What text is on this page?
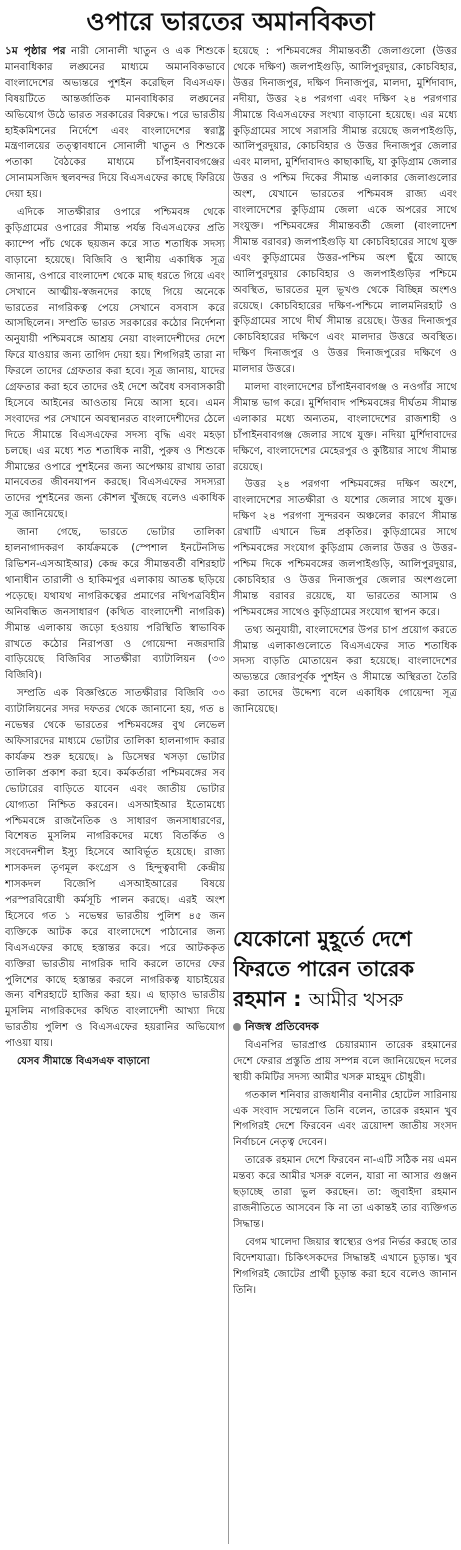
ওপারে ভারতের অমানবিকতা

১ম পৃষ্ঠার পর নারী সোনালী খাতুন ও এক শিশুকে মানবাধিকার লঙ্ঘনের মাধ্যমে অমানবিকভাবে বাংলাদেশের অভ্যন্তরে পুশইন করেছিল বিএসএফ। বিষয়টিতে আন্তর্জাতিক মানবাধিকার লঙ্ঘনের অভিযোগ উঠে ভারত সরকারের বিরুদ্ধে। পরে ভারতীয় হাইকমিশনের নির্দেশে এবং বাংলাদেশের স্বরাষ্ট্র মন্ত্রণালয়ের তত্ত্বাবধানে সোনালী খাতুন ও শিশুকে পতাকা বৈঠকের মাধ্যমে চাঁপাইনবাবগঞ্জের সোনামসজিদ স্থলবন্দর দিয়ে বিএসএফের কাছে ফিরিয়ে দেয়া হয়।

এদিকে সাতক্ষীরার ওপারে পশ্চিমবঙ্গ থেকে কুড়িগ্রামের ওপারের সীমান্ত পর্যন্ত বিএসএফের প্রতি ক্যাম্পে পাঁচ থেকে ছয়জন করে সাত শতাধিক সদস্য বাড়ানো হয়েছে। বিজিবি ও স্থানীয় একাধিক সূত্র জানায়, ওপারে বাংলাদেশ থেকে মাছ ধরতে গিয়ে এবং সেখানে আত্মীয়-স্বজনদের কাছে গিয়ে অনেকে ভারতের নাগরিকত্ব পেয়ে সেখানে বসবাস করে আসছিলেন। সম্প্রতি ভারত সরকারের কঠোর নির্দেশনা অনুযায়ী পশ্চিমবঙ্গে আশ্রয় নেয়া বাংলাদেশীদের দেশে ফিরে যাওয়ার জন্য তাগিদ দেয়া হয়। শিগগিরই তারা না ফিরলে তাদের গ্রেফতার করা হবে। সূত্র জানায়, যাদের গ্রেফতার করা হবে তাদের ওই দেশে অবৈধ বসবাসকারী হিসেবে আইনের আওতায় নিয়ে আসা হবে। এমন সংবাদের পর সেখানে অবস্থানরত বাংলাদেশীদের ঠেলে দিতে সীমান্তে বিএসএফের সদস্য বৃদ্ধি এবং মহড়া চলছে। এর মধ্যে শত শতাধিক নারী, পুরুষ ও শিশুকে সীমান্তের ওপারে পুশইনের জন্য অপেক্ষায় রাখায় তারা মানবেতর জীবনযাপন করছে। বিএসএফের সদস্যরা তাদের পুশইনের জন্য কৌশল খুঁজছে বলেও একাধিক সূত্র জানিয়েছে।

জানা গেছে, ভারতে ভোটার তালিকা হালনাগাদকরণ কার্যক্রমকে (স্পেশাল ইনটেনসিভ রিভিশন-এসআইআর) কেন্দ্র করে সীমান্তবর্তী বশিরহাট থানাধীন তারালী ও হাকিমপুর এলাকায় আতঙ্ক ছড়িয়ে পড়েছে। যথাযথ নাগরিকত্বের প্রমাণের নথিপত্রবিহীন অনিবন্ধিত জনসাধারণ (কথিত বাংলাদেশী নাগরিক) সীমান্ত এলাকায় জড়ো হওয়ায় পরিস্থিতি স্বাভাবিক রাখতে কঠোর নিরাপত্তা ও গোয়েন্দা নজরদারি বাড়িয়েছে বিজিবির সাতক্ষীরা ব্যাটালিয়ন (৩৩ বিজিবি)।

সম্প্রতি এক বিজ্ঞপ্তিতে সাতক্ষীরার বিজিবি ৩৩ ব্যাটালিয়নের সদর দফতর থেকে জানানো হয়, গত ৪ নভেম্বর থেকে ভারতের পশ্চিমবঙ্গের বুথ লেভেল অফিসারদের মাধ্যমে ভোটার তালিকা হালনাগাদ করার কার্যক্রম শুরু হয়েছে। ৯ ডিসেম্বর খসড়া ভোটার তালিকা প্রকাশ করা হবে। কর্মকর্তারা পশ্চিমবঙ্গের সব ভোটারের বাড়িতে যাবেন এবং জাতীয় ভোটার যোগ্যতা নিশ্চিত করবেন। এসআইআর ইতোমধ্যে পশ্চিমবঙ্গে রাজনৈতিক ও সাধারণ জনসাধারণের, বিশেষত মুসলিম নাগরিকদের মধ্যে বিতর্কিত ও সংবেদনশীল ইস্যু হিসেবে আবির্ভূত হয়েছে। রাজ্য শাসকদল তৃণমূল কংগ্রেস ও হিন্দুত্ববাদী কেন্দ্রীয় শাসকদল বিজেপি এসআইআরের বিষয়ে পরস্পরবিরোধী কর্মসূচি পালন করছে। এরই অংশ হিসেবে গত ১ নভেম্বর ভারতীয় পুলিশ ৪৫ জন ব্যক্তিকে আটক করে বাংলাদেশে পাঠানোর জন্য বিএসএফের কাছে হস্তান্তর করে। পরে আটককৃত ব্যক্তিরা ভারতীয় নাগরিক দাবি করলে তাদের ফের পুলিশের কাছে হস্তান্তর করলে নাগরিকত্ব যাচাইয়ের জন্য বশিরহাটে হাজির করা হয়। এ ছাড়াও ভারতীয় মুসলিম নাগরিকদের কথিত বাংলাদেশী আখ্যা দিয়ে ভারতীয় পুলিশ ও বিএসএফের হয়রানির অভিযোগ পাওয়া যায়।

যেসব সীমান্তে বিএসএফ বাড়ানো

হয়েছে : পশ্চিমবঙ্গের সীমান্তবর্তী জেলাগুলো (উত্তর থেকে দক্ষিণ) জলপাইগুড়ি, আলিপুরদুয়ার, কোচবিহার, উত্তর দিনাজপুর, দক্ষিণ দিনাজপুর, মালদা, মুর্শিদাবাদ, নদীয়া, উত্তর ২৪ পরগণা এবং দক্ষিণ ২৪ পরগণার সীমান্তে বিএসএফের সংখ্যা বাড়ানো হয়েছে। এর মধ্যে কুড়িগ্রামের সাথে সরাসরি সীমান্ত রয়েছে জলপাইগুড়ি, আলিপুরদুয়ার, কোচবিহার ও উত্তর দিনাজপুর জেলার এবং মালদা, মুর্শিদাবাদও কাছাকাছি, যা কুড়িগ্রাম জেলার উত্তর ও পশ্চিম দিকের সীমান্ত এলাকার জেলাগুলোর অংশ, যেখানে ভারতের পশ্চিমবঙ্গ রাজ্য এবং বাংলাদেশের কুড়িগ্রাম জেলা একে অপরের সাথে সংযুক্ত। পশ্চিমবঙ্গের সীমান্তবর্তী জেলা (বাংলাদেশ সীমান্ত বরাবর) জলপাইগুড়ি যা কোচবিহারের সাথে যুক্ত এবং কুড়িগ্রামের উত্তর-পশ্চিম অংশ ছুঁয়ে আছে আলিপুরদুয়ার কোচবিহার ও জলপাইগুড়ির পশ্চিমে অবস্থিত, ভারতের মূল ভূখণ্ড থেকে বিচ্ছিন্ন অংশও রয়েছে। কোচবিহারের দক্ষিণ-পশ্চিমে লালমনিরহাট ও কুড়িগ্রামের সাথে দীর্ঘ সীমান্ত রয়েছে। উত্তর দিনাজপুর কোচবিহারের দক্ষিণে এবং মালদার উত্তরে অবস্থিত। দক্ষিণ দিনাজপুর ও উত্তর দিনাজপুরের দক্ষিণে ও মালদার উত্তরে।

মালদা বাংলাদেশের চাঁপাইনবাবগঞ্জ ও নওগাঁর সাথে সীমান্ত ভাগ করে। মুর্শিদাবাদ পশ্চিমবঙ্গের দীর্ঘতম সীমান্ত এলাকার মধ্যে অন্যতম, বাংলাদেশের রাজশাহী ও চাঁপাইনবাবগঞ্জ জেলার সাথে যুক্ত। নদিয়া মুর্শিদাবাদের দক্ষিণে, বাংলাদেশের মেহেরপুর ও কুষ্টিয়ার সাথে সীমান্ত রয়েছে।

উত্তর ২৪ পরগণা পশ্চিমবঙ্গের দক্ষিণ অংশে, বাংলাদেশের সাতক্ষীরা ও যশোর জেলার সাথে যুক্ত। দক্ষিণ ২৪ পরগণা সুন্দরবন অঞ্চলের কারণে সীমান্ত রেখাটি এখানে ভিন্ন প্রকৃতির। কুড়িগ্রামের সাথে পশ্চিমবঙ্গের সংযোগ কুড়িগ্রাম জেলার উত্তর ও উত্তর-পশ্চিম দিকে পশ্চিমবঙ্গের জলপাইগুড়ি, আলিপুরদুয়ার, কোচবিহার ও উত্তর দিনাজপুর জেলার অংশগুলো সীমান্ত বরাবর রয়েছে, যা ভারতের আসাম ও পশ্চিমবঙ্গের সাথেও কুড়িগ্রামের সংযোগ স্থাপন করে।

তথ্য অনুযায়ী, বাংলাদেশের উপর চাপ প্রয়োগ করতে সীমান্ত এলাকাগুলোতে বিএসএফের সাত শতাধিক সদস্য বাড়তি মোতায়েন করা হয়েছে। বাংলাদেশের অভ্যন্তরে জোরপূর্বক পুশইন ও সীমান্তে অস্থিরতা তৈরি করা তাদের উদ্দেশ্য বলে একাধিক গোয়েন্দা সূত্র জানিয়েছে।

যেকোনো মুহূর্তে দেশে ফিরতে পারেন তারেক রহমান : আমীর খসরু
নিজস্ব প্রতিবেদক

বিএনপির ভারপ্রাপ্ত চেয়ারম্যান তারেক রহমানের দেশে ফেরার প্রস্তুতি প্রায় সম্পন্ন বলে জানিয়েছেন দলের স্থায়ী কমিটির সদস্য আমীর খসরু মাহমুদ চৌধুরী।

গতকাল শনিবার রাজধানীর বনানীর হোটেল সারিনায় এক সংবাদ সম্মেলনে তিনি বলেন, তারেক রহমান খুব শিগগিরই দেশে ফিরবেন এবং ত্রয়োদশ জাতীয় সংসদ নির্বাচনে নেতৃত্ব দেবেন।

তারেক রহমান দেশে ফিরবেন না-এটি সঠিক নয় এমন মন্তব্য করে আমীর খসরু বলেন, যারা না আসার গুঞ্জন ছড়াচ্ছে তারা ভুল করছেন। তা: জুবাইদা রহমান রাজনীতিতে আসবেন কি না তা একান্তই তার ব্যক্তিগত সিদ্ধান্ত।

বেগম খালেদা জিয়ার স্বাস্থ্যের ওপর নির্ভর করছে তার বিদেশযাত্রা। চিকিৎসকদের সিদ্ধান্তই এখানে চূড়ান্ত। খুব শিগগিরই জোটের প্রার্থী চূড়ান্ত করা হবে বলেও জানান তিনি।
